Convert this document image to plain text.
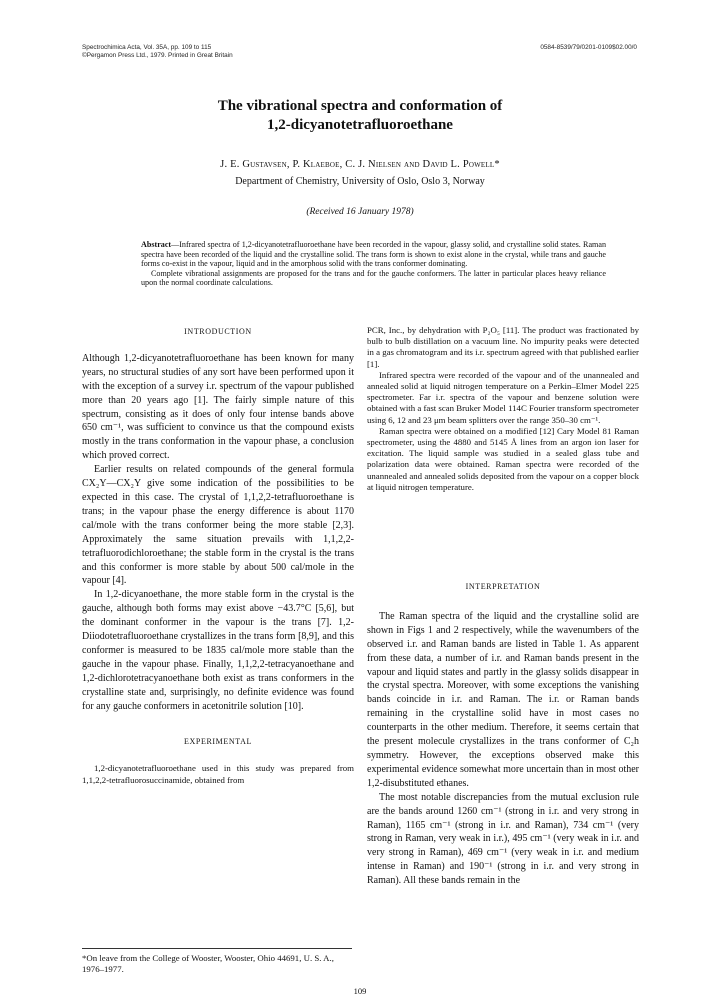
Spectrochimica Acta, Vol. 35A, pp. 109 to 115
©Pergamon Press Ltd., 1979. Printed in Great Britain
0584-8539/79/0201-0109$02.00/0
The vibrational spectra and conformation of
1,2-dicyanotetrafluoroethane
J. E. Gustavsen, P. Klaeboe, C. J. Nielsen and David L. Powell*
Department of Chemistry, University of Oslo, Oslo 3, Norway
(Received 16 January 1978)

Abstract—Infrared spectra of 1,2-dicyanotetrafluoroethane have been recorded in the vapour, glassy solid, and crystalline solid states. Raman spectra have been recorded of the liquid and the crystalline solid. The trans form is shown to exist alone in the crystal, while trans and gauche forms co-exist in the vapour, liquid and in the amorphous solid with the trans conformer dominating.

Complete vibrational assignments are proposed for the trans and for the gauche conformers. The latter in particular places heavy reliance upon the normal coordinate calculations.

INTRODUCTION

Although 1,2-dicyanotetrafluoroethane has been known for many years, no structural studies of any sort have been performed upon it with the exception of a survey i.r. spectrum of the vapour published more than 20 years ago [1]. The fairly simple nature of this spectrum, consisting as it does of only four intense bands above 650 cm⁻¹, was sufficient to convince us that the compound exists mostly in the trans conformation in the vapour phase, a conclusion which proved correct.

Earlier results on related compounds of the general formula CX₂Y—CX₂Y give some indication of the possibilities to be expected in this case. The crystal of 1,1,2,2-tetrafluoroethane is trans; in the vapour phase the energy difference is about 1170 cal/mole with the trans conformer being the more stable [2,3]. Approximately the same situation prevails with 1,1,2,2-tetrafluorodichloroethane; the stable form in the crystal is the trans and this conformer is more stable by about 500 cal/mole in the vapour [4].

In 1,2-dicyanoethane, the more stable form in the crystal is the gauche, although both forms may exist above −43.7°C [5,6], but the dominant conformer in the vapour is the trans [7]. 1,2-Diiodotetrafluoroethane crystallizes in the trans form [8,9], and this conformer is measured to be 1835 cal/mole more stable than the gauche in the vapour phase. Finally, 1,1,2,2-tetracyanoethane and 1,2-dichlorotetracyanoethane both exist as trans conformers in the crystalline state and, surprisingly, no definite evidence was found for any gauche conformers in acetonitrile solution [10].

EXPERIMENTAL

1,2-dicyanotetrafluoroethane used in this study was prepared from 1,1,2,2-tetrafluorosuccinamide, obtained from

*On leave from the College of Wooster, Wooster, Ohio 44691, U. S. A., 1976–1977.

PCR, Inc., by dehydration with P₂O₅ [11]. The product was fractionated by bulb to bulb distillation on a vacuum line. No impurity peaks were detected in a gas chromatogram and its i.r. spectrum agreed with that published earlier [1].

Infrared spectra were recorded of the vapour and of the unannealed and annealed solid at liquid nitrogen temperature on a Perkin–Elmer Model 225 spectrometer. Far i.r. spectra of the vapour and benzene solution were obtained with a fast scan Bruker Model 114C Fourier transform spectrometer using 6, 12 and 23 μm beam splitters over the range 350–30 cm⁻¹.

Raman spectra were obtained on a modified [12] Cary Model 81 Raman spectrometer, using the 4880 and 5145 Å lines from an argon ion laser for excitation. The liquid sample was studied in a sealed glass tube and polarization data were obtained. Raman spectra were recorded of the unannealed and annealed solids deposited from the vapour on a copper block at liquid nitrogen temperature.

INTERPRETATION

The Raman spectra of the liquid and the crystalline solid are shown in Figs 1 and 2 respectively, while the wavenumbers of the observed i.r. and Raman bands are listed in Table 1. As apparent from these data, a number of i.r. and Raman bands present in the vapour and liquid states and partly in the glassy solids disappear in the crystal spectra. Moreover, with some exceptions the vanishing bands coincide in i.r. and Raman. The i.r. or Raman bands remaining in the crystalline solid have in most cases no counterparts in the other medium. Therefore, it seems certain that the present molecule crystallizes in the trans conformer of C₂h symmetry. However, the exceptions observed make this experimental evidence somewhat more uncertain than in most other 1,2-disubstituted ethanes.

The most notable discrepancies from the mutual exclusion rule are the bands around 1260 cm⁻¹ (strong in i.r. and very strong in Raman), 1165 cm⁻¹ (strong in i.r. and Raman), 734 cm⁻¹ (very strong in Raman, very weak in i.r.), 495 cm⁻¹ (very weak in i.r. and very strong in Raman), 469 cm⁻¹ (very weak in i.r. and medium intense in Raman) and 190⁻¹ (strong in i.r. and very strong in Raman). All these bands remain in the

109
